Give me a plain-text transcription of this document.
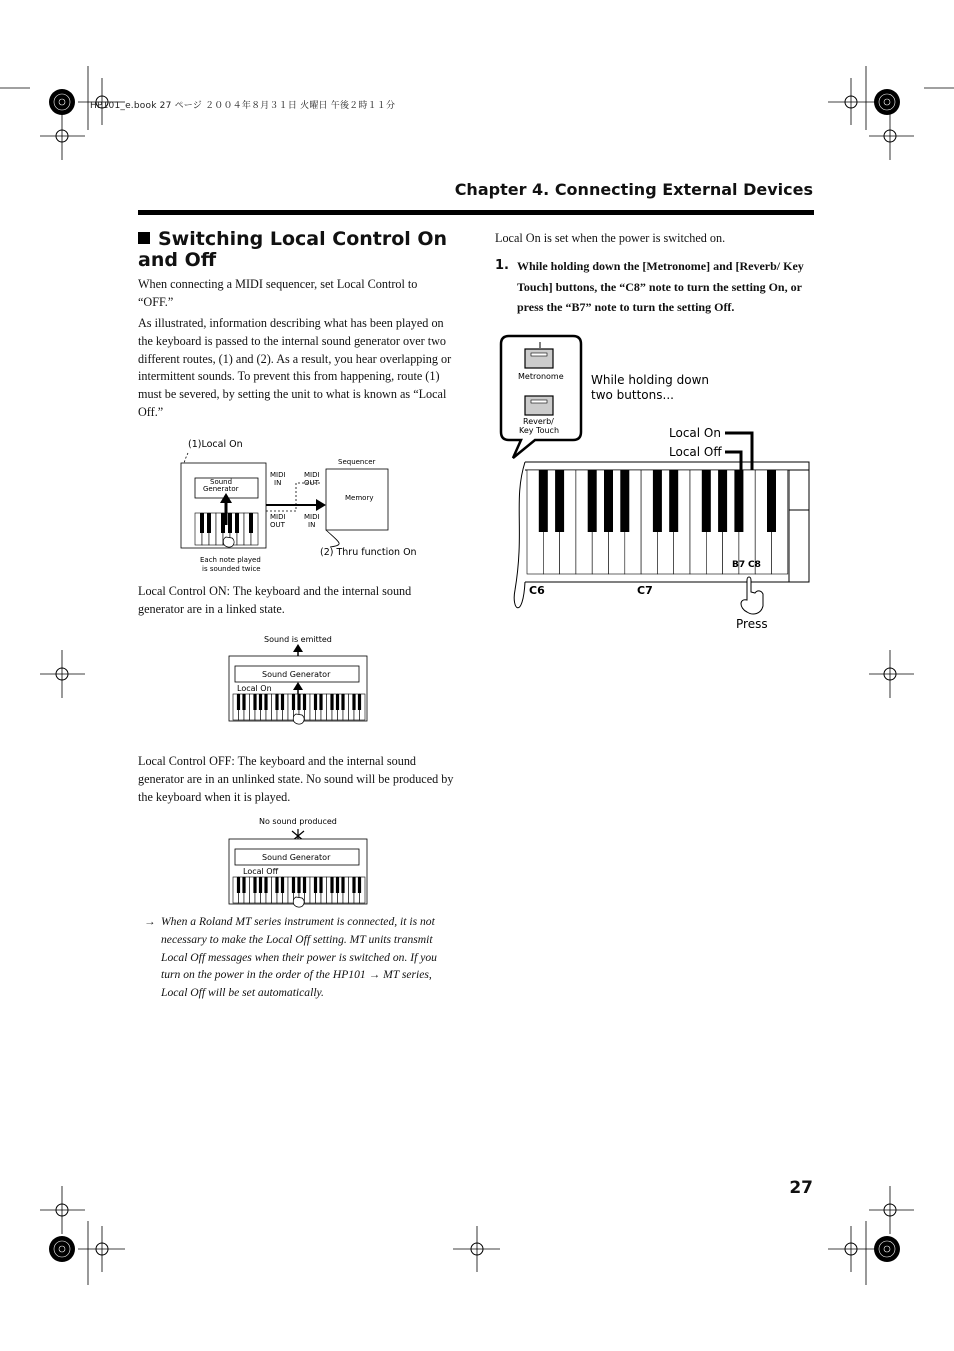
HP101_e.book 27 ページ ２００４年８月３１日 火曜日 午後２時１１分
Chapter 4. Connecting External Devices
Switching Local Control On and Off
When connecting a MIDI sequencer, set Local Control to “OFF.”
As illustrated, information describing what has been played on the keyboard is passed to the internal sound generator over two different routes, (1) and (2). As a result, you hear overlapping or intermittent sounds. To prevent this from happening, route (1) must be severed, by setting the unit to what is known as “Local Off.”
(1)Local On
Sound
Generator
MIDI
IN
MIDI
OUT
MIDI
OUT
MIDI
IN
Sequencer
Memory
Each note played
is sounded twice
(2) Thru function On
Local Control ON: The keyboard and the internal sound generator are in a linked state.
Sound is emitted
Sound Generator
Local On
Local Control OFF: The keyboard and the internal sound generator are in an unlinked state. No sound will be produced by the keyboard when it is played.
No sound produced
Sound Generator
Local Off
→ When a Roland MT series instrument is connected, it is not necessary to make the Local Off setting. MT units transmit Local Off messages when their power is switched on. If you turn on the power in the order of the HP101 → MT series, Local Off will be set automatically.
Local On is set when the power is switched on.
1. While holding down the [Metronome] and [Reverb/ Key Touch] buttons, the “C8” note to turn the setting On, or press the “B7” note to turn the setting Off.
Metronome
Reverb/
Key Touch
While holding down
two buttons...
Local On
Local Off
B7 C8
C6	C7
Press
27
